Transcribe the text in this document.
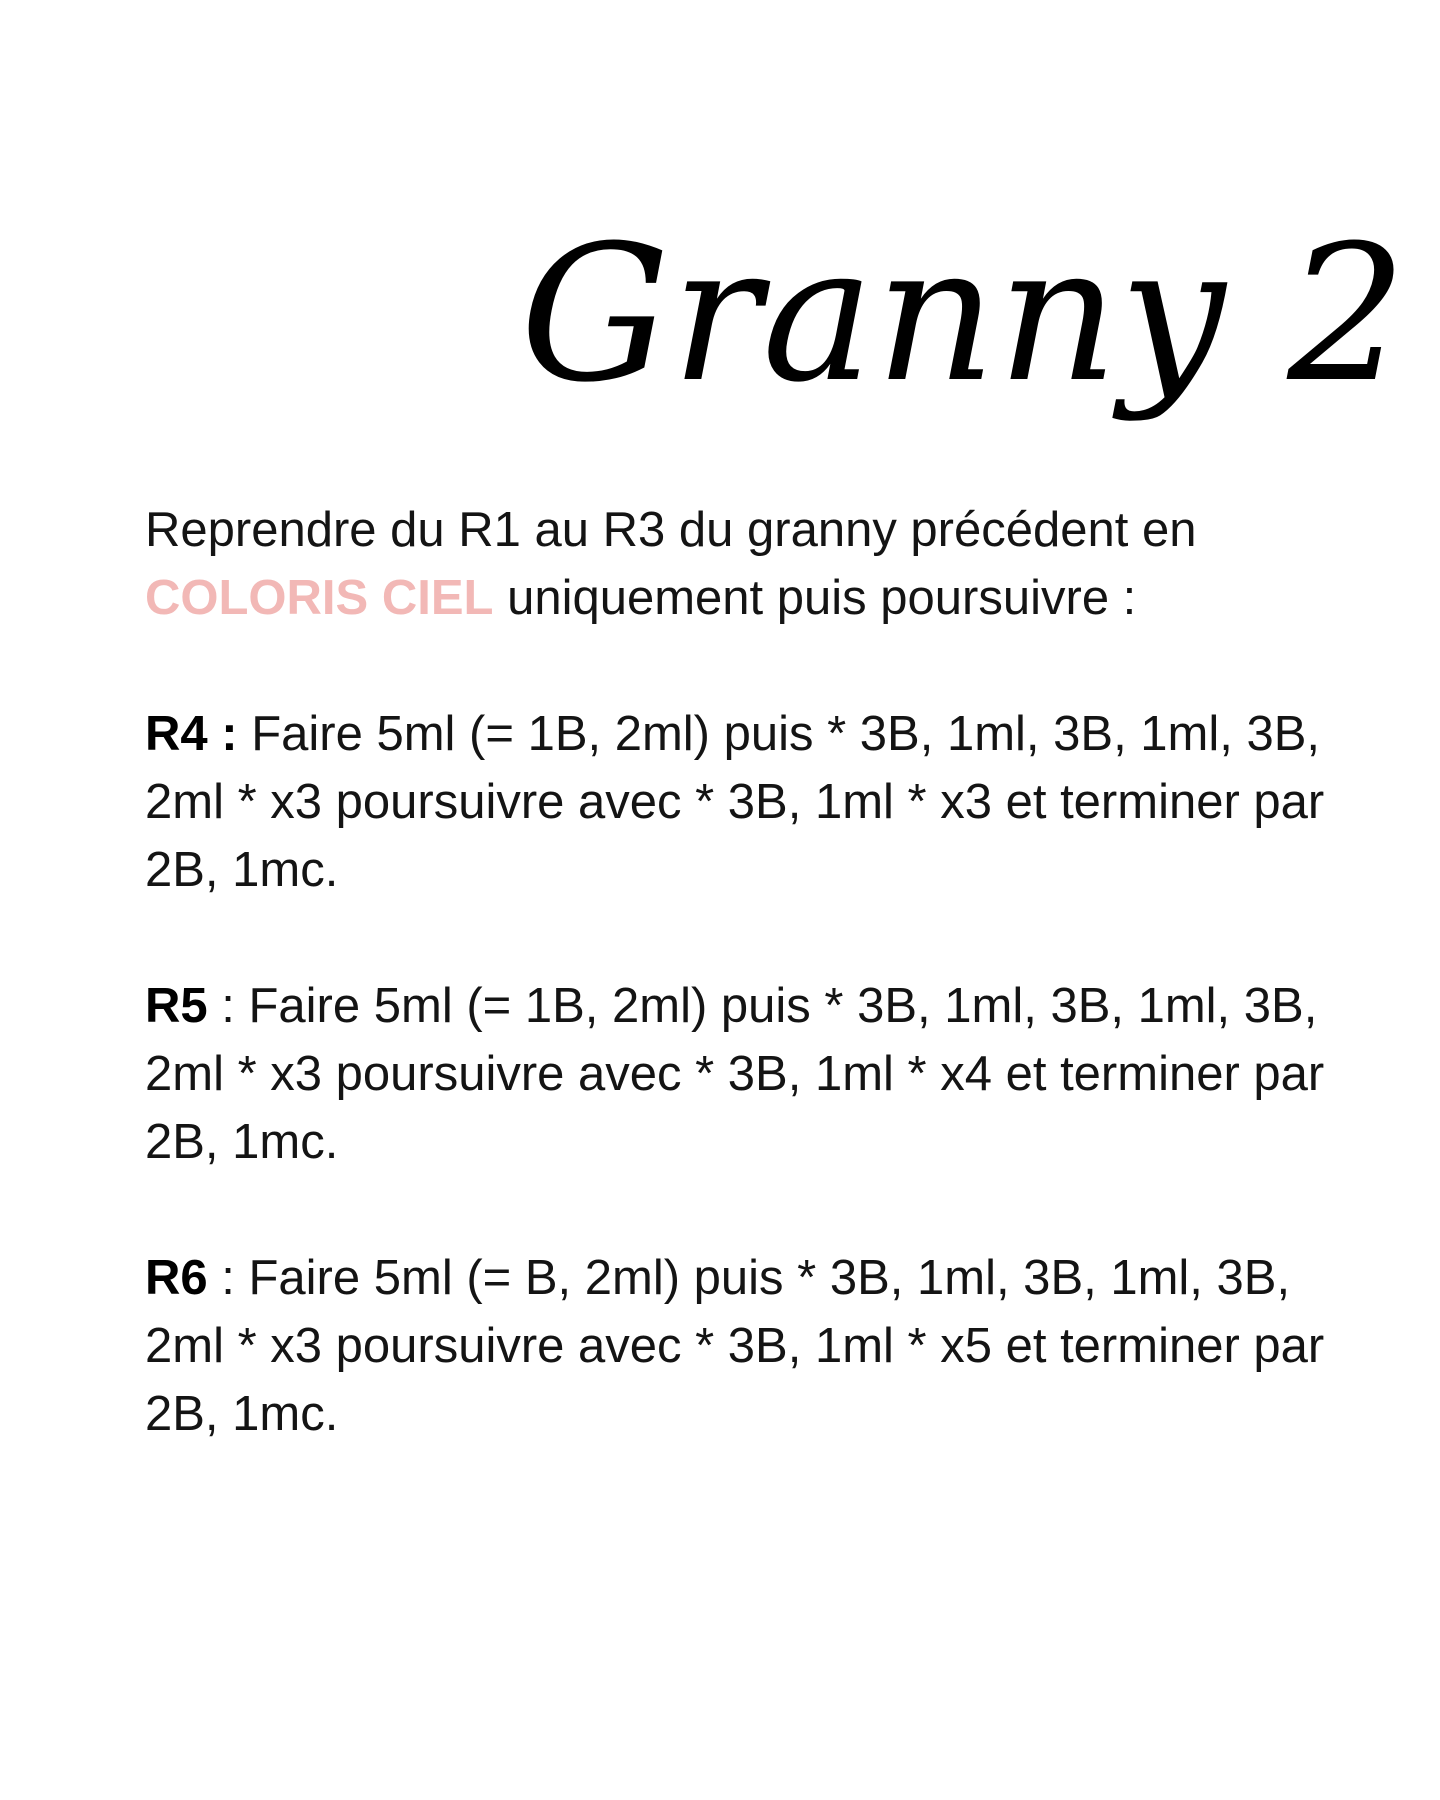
Granny 2

Reprendre du R1 au R3 du granny précédent en
COLORIS CIEL uniquement puis poursuivre :

R4 : Faire 5ml (= 1B, 2ml) puis * 3B, 1ml, 3B, 1ml, 3B, 2ml * x3 poursuivre avec * 3B, 1ml * x3 et terminer par 2B, 1mc.

R5 : Faire 5ml (= 1B, 2ml) puis * 3B, 1ml, 3B, 1ml, 3B, 2ml * x3 poursuivre avec * 3B, 1ml * x4 et terminer par 2B, 1mc.

R6 : Faire 5ml (= B, 2ml) puis * 3B, 1ml, 3B, 1ml, 3B, 2ml * x3 poursuivre avec * 3B, 1ml * x5 et terminer par 2B, 1mc.
